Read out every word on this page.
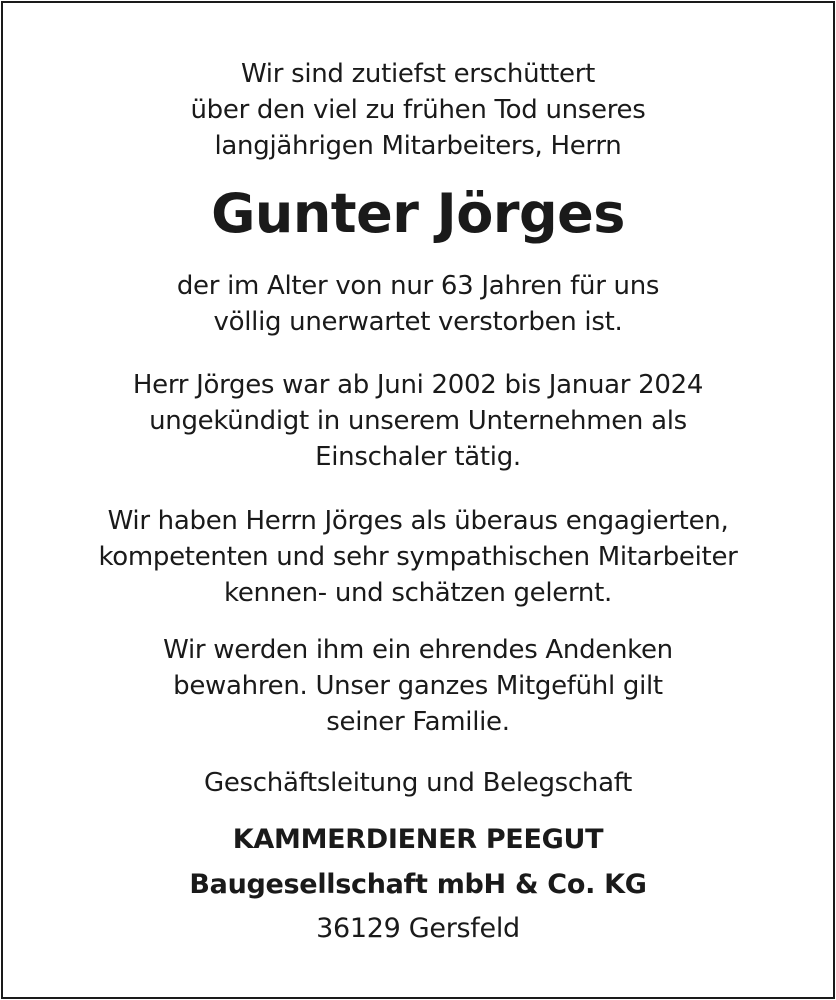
Wir sind zutiefst erschüttert
über den viel zu frühen Tod unseres
langjährigen Mitarbeiters, Herrn
Gunter Jörges
der im Alter von nur 63 Jahren für uns
völlig unerwartet verstorben ist.
Herr Jörges war ab Juni 2002 bis Januar 2024
ungekündigt in unserem Unternehmen als
Einschaler tätig.
Wir haben Herrn Jörges als überaus engagierten,
kompetenten und sehr sympathischen Mitarbeiter
kennen- und schätzen gelernt.
Wir werden ihm ein ehrendes Andenken
bewahren. Unser ganzes Mitgefühl gilt
seiner Familie.
Geschäftsleitung und Belegschaft
KAMMERDIENER PEEGUT
Baugesellschaft mbH & Co. KG
36129 Gersfeld
